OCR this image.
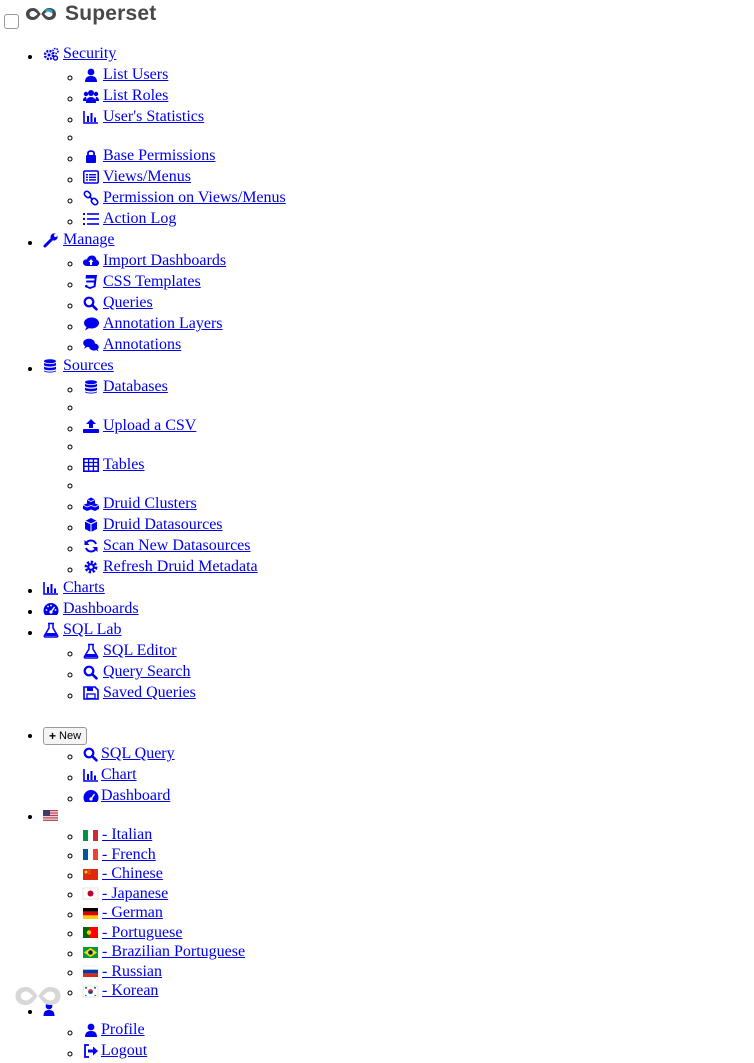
Superset
• Security
◦ List Users
◦ List Roles
◦ User's Statistics
◦
◦ Base Permissions
◦ Views/Menus
◦ Permission on Views/Menus
◦ Action Log
• Manage
◦ Import Dashboards
◦ CSS Templates
◦ Queries
◦ Annotation Layers
◦ Annotations
• Sources
◦ Databases
◦
◦ Upload a CSV
◦
◦ Tables
◦
◦ Druid Clusters
◦ Druid Datasources
◦ Scan New Datasources
◦ Refresh Druid Metadata
• Charts
• Dashboards
• SQL Lab
◦ SQL Editor
◦ Query Search
◦ Saved Queries
• + New
◦ SQL Query
◦ Chart
◦ Dashboard
◦ • - Italian
◦ - French
◦ - Chinese
◦ - Japanese
◦ - German
◦ - Portuguese
◦ - Brazilian Portuguese
◦ - Russian
◦ - Korean
◦ • Profile
◦ Logout
